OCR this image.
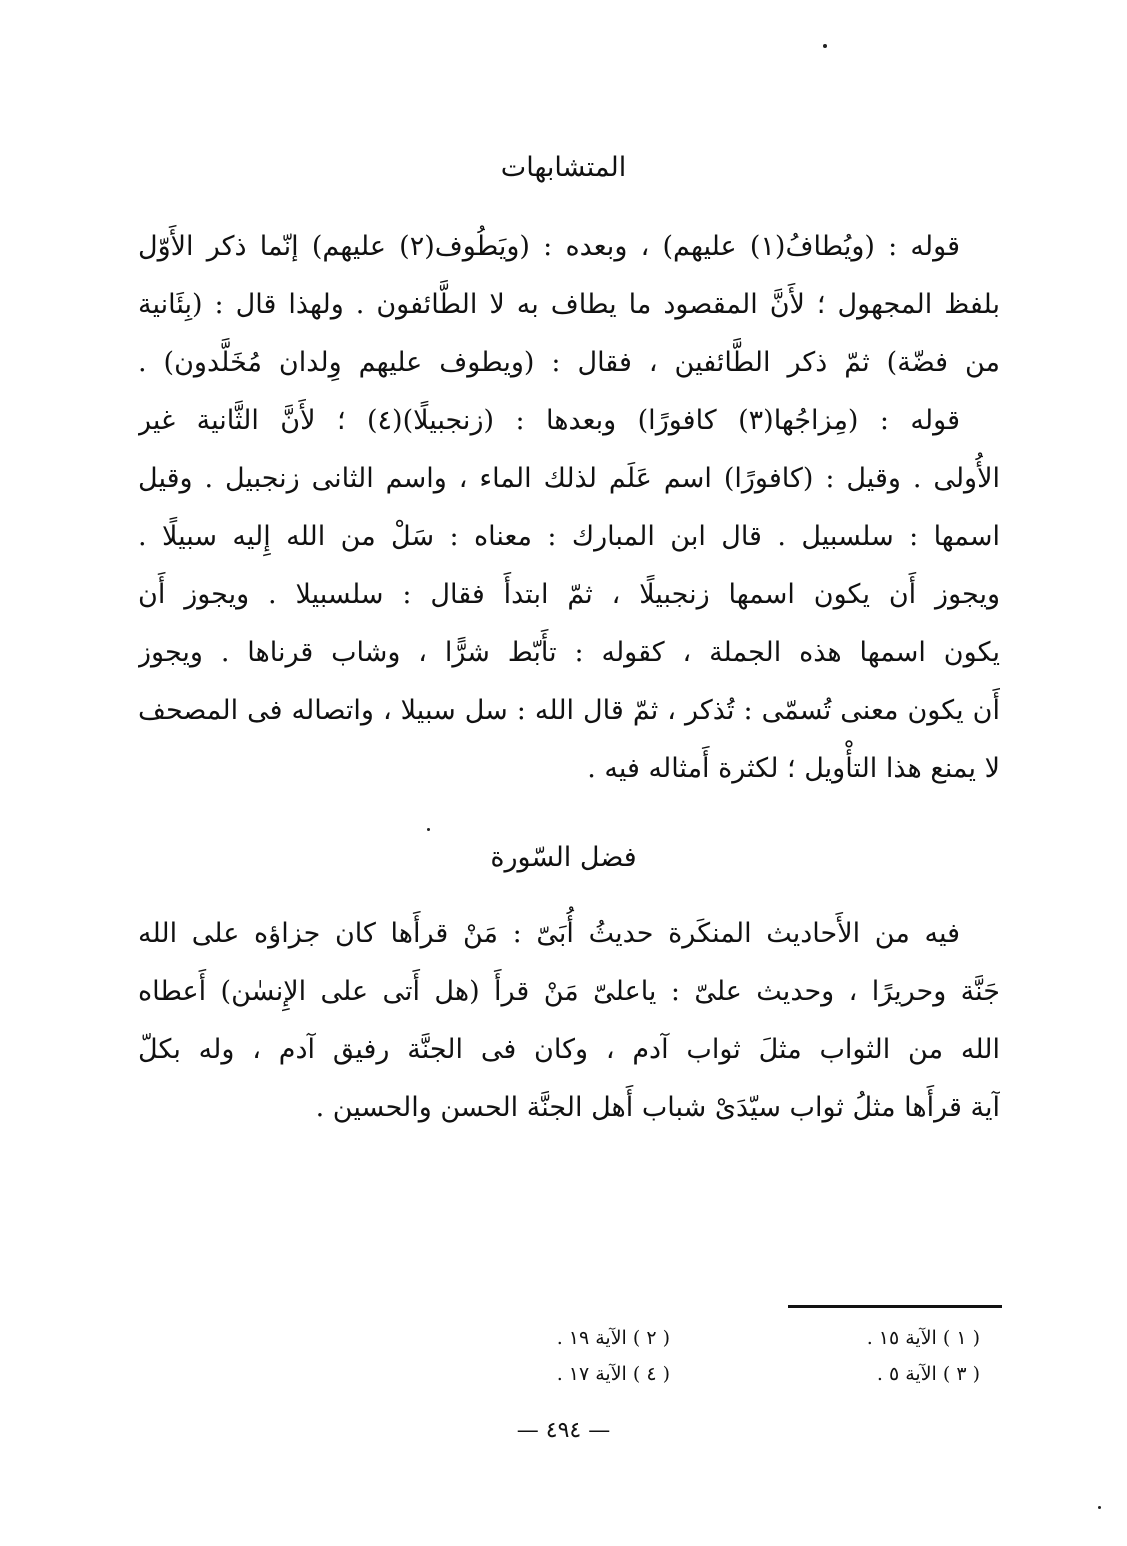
المتشابهات
قوله : (ويُطافُ(١) عليهم) ، وبعده : (ويَطُوف(٢) عليهم) إنّما ذكر الأَوّل
بلفظ المجهول ؛ لأَنَّ المقصود ما يطاف به لا الطَّائفون . ولهذا قال : (بِئَانية
من فضّة) ثمّ ذكر الطَّائفين ، فقال : (ويطوف عليهم وِلدان مُخَلَّدون) .
قوله : (مِزاجُها(٣) كافورًا) وبعدها : (زنجبيلًا)(٤) ؛ لأَنَّ الثَّانية غير
الأُولى . وقيل : (كافورًا) اسم عَلَم لذلك الماء ، واسم الثانى زنجبيل . وقيل
اسمها : سلسبيل . قال ابن المبارك : معناه : سَلْ من الله إِليه سبيلًا .
ويجوز أَن يكون اسمها زنجبيلًا ، ثمّ ابتدأَ فقال : سلسبيلا . ويجوز أَن
يكون اسمها هذه الجملة ، كقوله : تأَبّط شرًّا ، وشاب قرناها . ويجوز
أَن يكون معنى تُسمّى : تُذكر ، ثمّ قال الله : سل سبيلا ، واتصاله فى المصحف
لا يمنع هذا التأْويل ؛ لكثرة أَمثاله فيه .
فضل السّورة
فيه من الأَحاديث المنكَرة حديثُ أُبَىّ : مَنْ قرأَها كان جزاؤه على الله
جَنَّة وحريرًا ، وحديث علىّ : ياعلىّ مَنْ قرأَ (هل أَتى على الإِنسٰن) أَعطاه
الله من الثواب مثلَ ثواب آدم ، وكان فى الجنَّة رفيق آدم ، وله بكلّ
آية قرأَها مثلُ ثواب سيّدَىْ شباب أَهل الجنَّة الحسن والحسين .
( ١ ) الآية ١٥ .
( ٢ ) الآية ١٩ .
( ٣ ) الآية ٥ .
( ٤ ) الآية ١٧ .
— ٤٩٤ —
